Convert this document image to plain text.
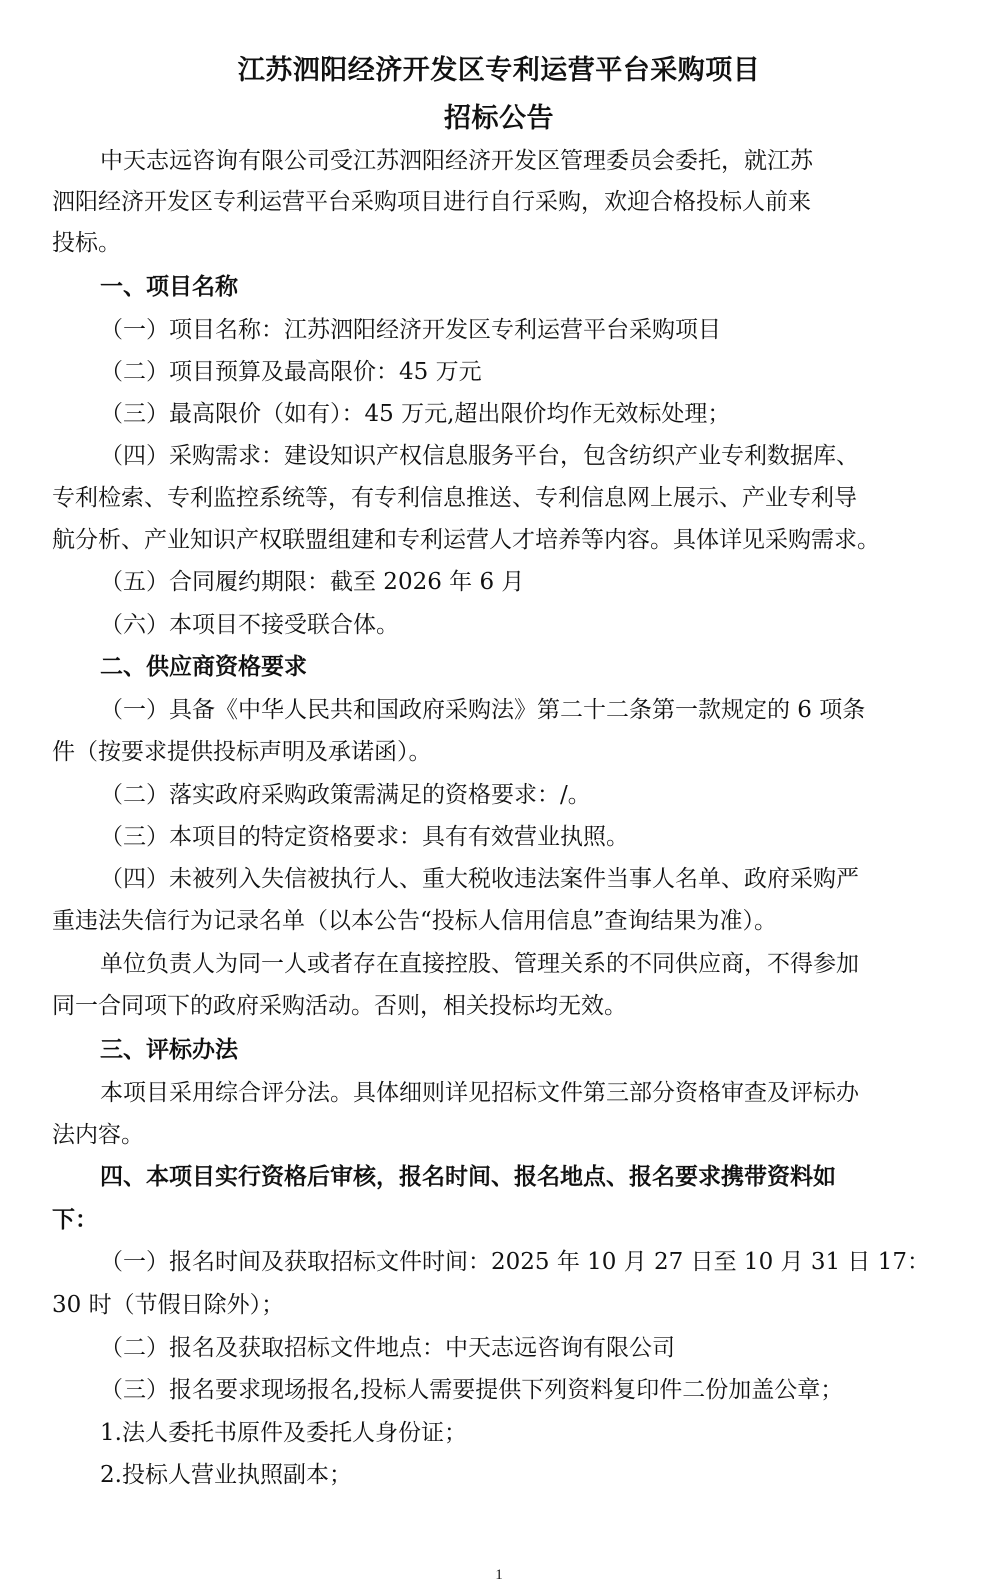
江苏泗阳经济开发区专利运营平台采购项目
招标公告
中天志远咨询有限公司受江苏泗阳经济开发区管理委员会委托，就江苏
泗阳经济开发区专利运营平台采购项目进行自行采购，欢迎合格投标人前来
投标。
一、项目名称
（一）项目名称：江苏泗阳经济开发区专利运营平台采购项目
（二）项目预算及最高限价：45 万元
（三）最高限价（如有）：45 万元,超出限价均作无效标处理；
（四）采购需求：建设知识产权信息服务平台，包含纺织产业专利数据库、
专利检索、专利监控系统等，有专利信息推送、专利信息网上展示、产业专利导
航分析、产业知识产权联盟组建和专利运营人才培养等内容。具体详见采购需求。
（五）合同履约期限：截至 2026 年 6 月
（六）本项目不接受联合体。
二、供应商资格要求
（一）具备《中华人民共和国政府采购法》第二十二条第一款规定的 6 项条
件（按要求提供投标声明及承诺函）。
（二）落实政府采购政策需满足的资格要求：/。
（三）本项目的特定资格要求：具有有效营业执照。
（四）未被列入失信被执行人、重大税收违法案件当事人名单、政府采购严
重违法失信行为记录名单（以本公告“投标人信用信息”查询结果为准）。
单位负责人为同一人或者存在直接控股、管理关系的不同供应商，不得参加
同一合同项下的政府采购活动。否则，相关投标均无效。
三、评标办法
本项目采用综合评分法。具体细则详见招标文件第三部分资格审查及评标办
法内容。
四、本项目实行资格后审核，报名时间、报名地点、报名要求携带资料如
下：
（一）报名时间及获取招标文件时间：2025 年 10 月 27 日至 10 月 31 日 17：
30 时（节假日除外）；
（二）报名及获取招标文件地点：中天志远咨询有限公司
（三）报名要求现场报名,投标人需要提供下列资料复印件二份加盖公章；
1.法人委托书原件及委托人身份证；
2.投标人营业执照副本；
1
